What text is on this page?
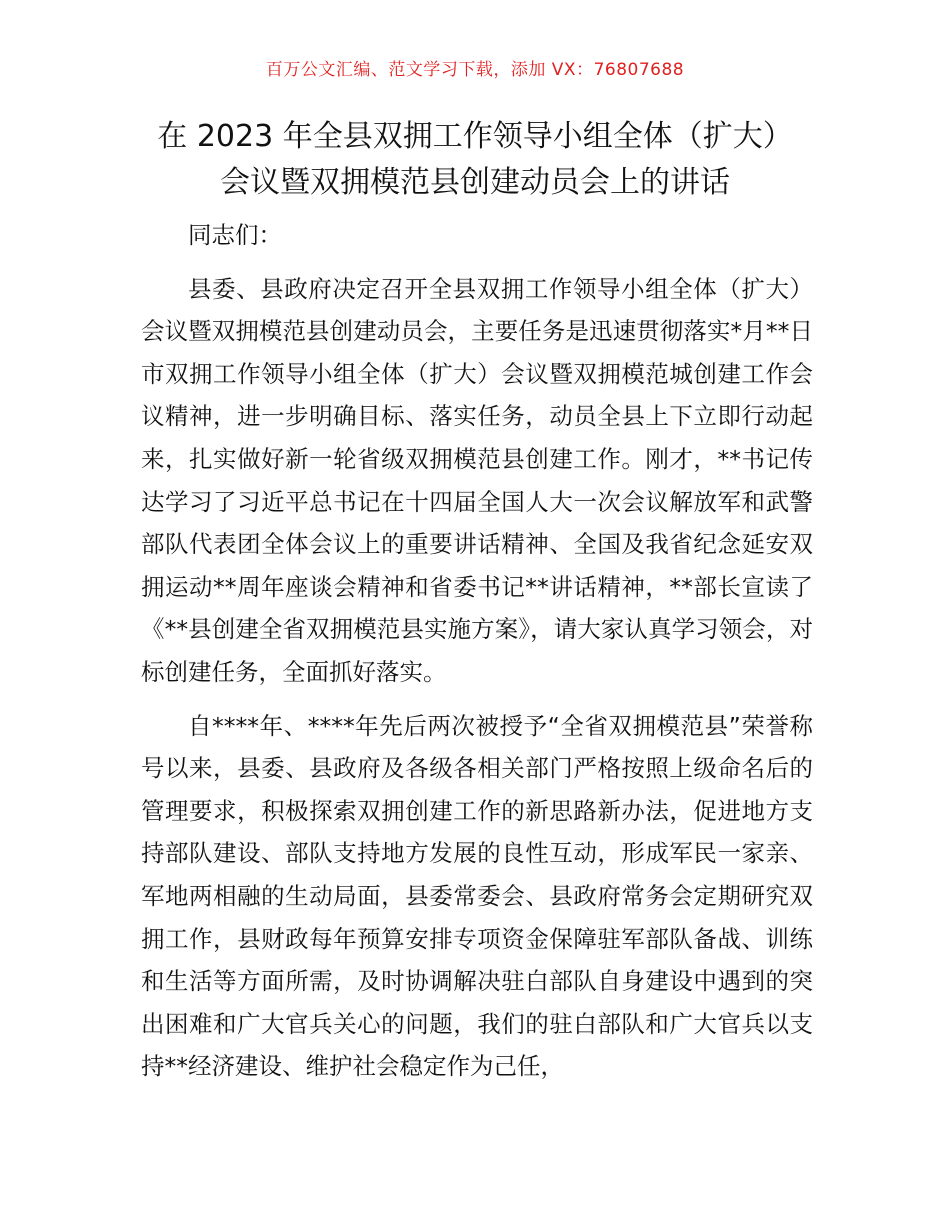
百万公文汇编、范文学习下载，添加 VX：76807688
在 2023 年全县双拥工作领导小组全体（扩大）
会议暨双拥模范县创建动员会上的讲话

同志们：

县委、县政府决定召开全县双拥工作领导小组全体（扩大）会议暨双拥模范县创建动员会，主要任务是迅速贯彻落实*月**日市双拥工作领导小组全体（扩大）会议暨双拥模范城创建工作会议精神，进一步明确目标、落实任务，动员全县上下立即行动起来，扎实做好新一轮省级双拥模范县创建工作。刚才，**书记传达学习了习近平总书记在十四届全国人大一次会议解放军和武警部队代表团全体会议上的重要讲话精神、全国及我省纪念延安双拥运动**周年座谈会精神和省委书记**讲话精神，**部长宣读了《**县创建全省双拥模范县实施方案》，请大家认真学习领会，对标创建任务，全面抓好落实。

自****年、****年先后两次被授予“全省双拥模范县”荣誉称号以来，县委、县政府及各级各相关部门严格按照上级命名后的管理要求，积极探索双拥创建工作的新思路新办法，促进地方支持部队建设、部队支持地方发展的良性互动，形成军民一家亲、军地两相融的生动局面，县委常委会、县政府常务会定期研究双拥工作，县财政每年预算安排专项资金保障驻军部队备战、训练和生活等方面所需，及时协调解决驻白部队自身建设中遇到的突出困难和广大官兵关心的问题，我们的驻白部队和广大官兵以支持**经济建设、维护社会稳定作为己任，
